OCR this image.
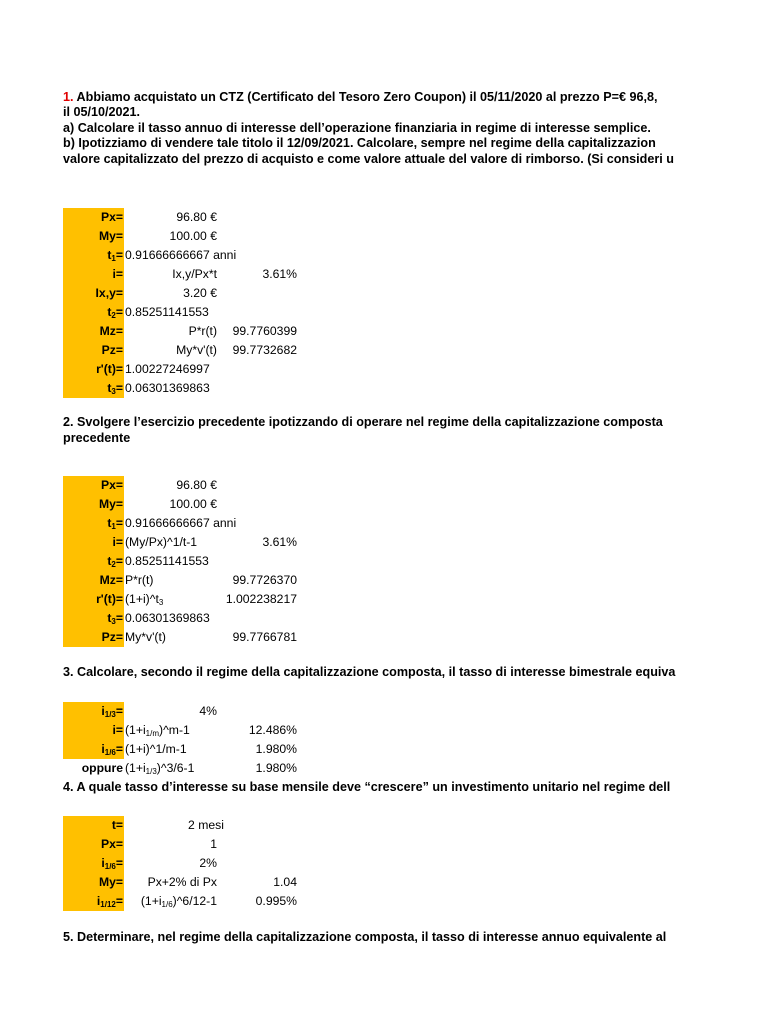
1. Abbiamo acquistato un CTZ (Certificato del Tesoro Zero Coupon) il 05/11/2020 al prezzo P=€ 96,8,
il 05/10/2021.
a) Calcolare il tasso annuo di interesse dell’operazione finanziaria in regime di interesse semplice.
b) Ipotizziamo di vendere tale titolo il 12/09/2021. Calcolare, sempre nel regime della capitalizzazion
valore capitalizzato del prezzo di acquisto e come valore attuale del valore di rimborso. (Si consideri u
Px=	96.80 €
My=	100.00 €
$t_1= 0.91666666667$ anni
i=	Ix,y/Px*t	3.61%
Ix,y=	3.20 €
$t_2= 0.85251141553$
Mz=	P*r(t)	99.7760399
Pz=	My*v'(t)	99.7732682
r'(t)= 1.00227246997
$t_3= 0.06301369863$
2. Svolgere l’esercizio precedente ipotizzando di operare nel regime della capitalizzazione composta
precedente
Px=	96.80 €
My=	100.00 €
$t_1= 0.91666666667$ anni
i= (My/Px)^1/t-1	3.61%
$t_2= 0.85251141553$
Mz= P*r(t)	99.7726370
$r'(t)= (1+i)\^{}t_3$	1.002238217
$t_3= 0.06301369863$
Pz= My*v'(t)	99.7766781
3. Calcolare, secondo il regime della capitalizzazione composta, il tasso di interesse bimestrale equiva
$i_{1/3}=$	4%
$i= (1+i_{1/m})\^{}m-1$	12.486%
$i_{1/6}=$ (1+i)^1/m-1	1.980%
oppure $(1+i_{1/3})\^{}3/6-1$	1.980%
4. A quale tasso d’interesse su base mensile deve “crescere” un investimento unitario nel regime dell
t=	2 mesi
Px=	1
$i_{1/6}=$	2%
My=	Px+2% di Px	1.04
$i_{1/12}=$	$(1+i_{1/6})\^{}6/12-1$	0.995%
5. Determinare, nel regime della capitalizzazione composta, il tasso di interesse annuo equivalente al
